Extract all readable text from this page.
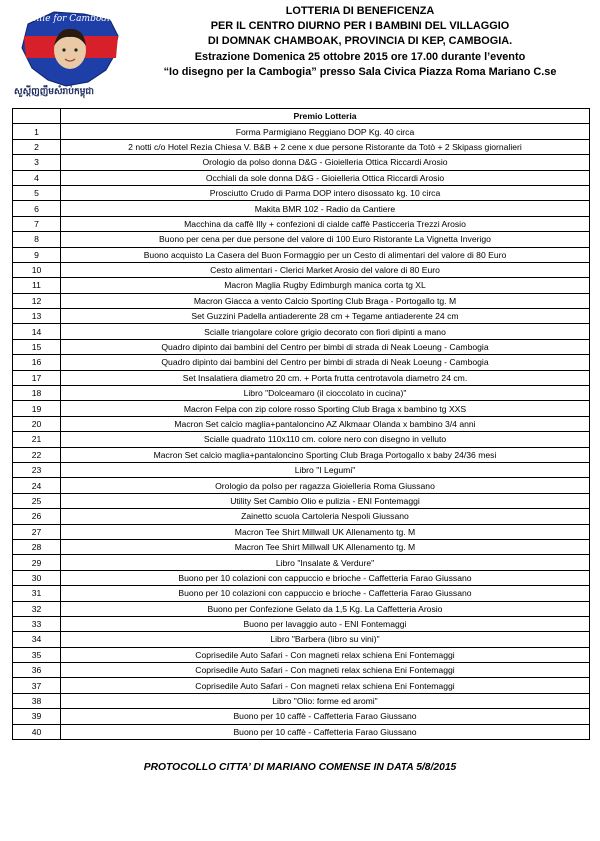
Smile for Cambodia
សួស្ដីញញឹមសំរាប់កម្ពុជា
LOTTERIA DI BENEFICENZA
PER IL CENTRO DIURNO PER I BAMBINI DEL VILLAGGIO
DI DOMNAK CHAMBOAK, PROVINCIA DI KEP, CAMBOGIA.
Estrazione Domenica 25 ottobre 2015 ore 17.00 durante l’evento
“Io disegno per la Cambogia” presso Sala Civica Piazza Roma Mariano C.se
	Premio Lotteria
1	Forma Parmigiano Reggiano DOP Kg. 40 circa
2	2 notti c/o Hotel Rezia Chiesa V. B&B + 2 cene x due persone Ristorante da Totò + 2 Skipass giornalieri
3	Orologio da polso donna D&G - Gioielleria Ottica Riccardi Arosio
4	Occhiali da sole donna D&G - Gioielleria Ottica Riccardi Arosio
5	Prosciutto Crudo di Parma DOP intero disossato kg. 10 circa
6	Makita BMR 102 - Radio da Cantiere
7	Macchina da caffè Illy + confezioni di cialde caffè Pasticceria Trezzi Arosio
8	Buono per cena per due persone del valore di 100 Euro Ristorante La Vignetta Inverigo
9	Buono acquisto La Casera del Buon Formaggio per un Cesto di alimentari del valore di 80 Euro
10	Cesto alimentari - Clerici Market Arosio del valore di 80 Euro
11	Macron Maglia Rugby Edimburgh manica corta tg XL
12	Macron Giacca a vento Calcio Sporting Club Braga - Portogallo tg. M
13	Set Guzzini Padella antiaderente 28 cm + Tegame antiaderente 24 cm
14	Scialle triangolare colore grigio decorato con fiori dipinti a mano
15	Quadro dipinto dai bambini del Centro per bimbi di strada di Neak Loeung - Cambogia
16	Quadro dipinto dai bambini del Centro per bimbi di strada di Neak Loeung - Cambogia
17	Set Insalatiera diametro 20 cm. + Porta frutta centrotavola diametro 24 cm.
18	Libro "Dolceamaro (il cioccolato in cucina)"
19	Macron Felpa con zip colore rosso Sporting Club Braga x bambino tg XXS
20	Macron Set calcio maglia+pantaloncino AZ Alkmaar Olanda x bambino 3/4 anni
21	Scialle quadrato 110x110 cm. colore nero con disegno in velluto
22	Macron Set calcio maglia+pantaloncino Sporting Club Braga Portogallo x baby 24/36 mesi
23	Libro "I Legumi"
24	Orologio da polso per ragazza Gioielleria Roma Giussano
25	Utility Set Cambio Olio e pulizia - ENI Fontemaggi
26	Zainetto scuola Cartoleria Nespoli Giussano
27	Macron Tee Shirt Millwall UK Allenamento tg. M
28	Macron Tee Shirt Millwall UK Allenamento tg. M
29	Libro "Insalate & Verdure"
30	Buono per 10 colazioni con cappuccio e brioche - Caffetteria Farao Giussano
31	Buono per 10 colazioni con cappuccio e brioche - Caffetteria Farao Giussano
32	Buono per Confezione Gelato da 1,5 Kg. La Caffetteria Arosio
33	Buono per lavaggio auto - ENI Fontemaggi
34	Libro "Barbera (libro su vini)"
35	Coprisedile Auto Safari - Con magneti relax schiena Eni Fontemaggi
36	Coprisedile Auto Safari - Con magneti relax schiena Eni Fontemaggi
37	Coprisedile Auto Safari - Con magneti relax schiena Eni Fontemaggi
38	Libro "Olio: forme ed aromi"
39	Buono per 10 caffè - Caffetteria Farao Giussano
40	Buono per 10 caffè - Caffetteria Farao Giussano
PROTOCOLLO CITTA’ DI MARIANO COMENSE IN DATA 5/8/2015
